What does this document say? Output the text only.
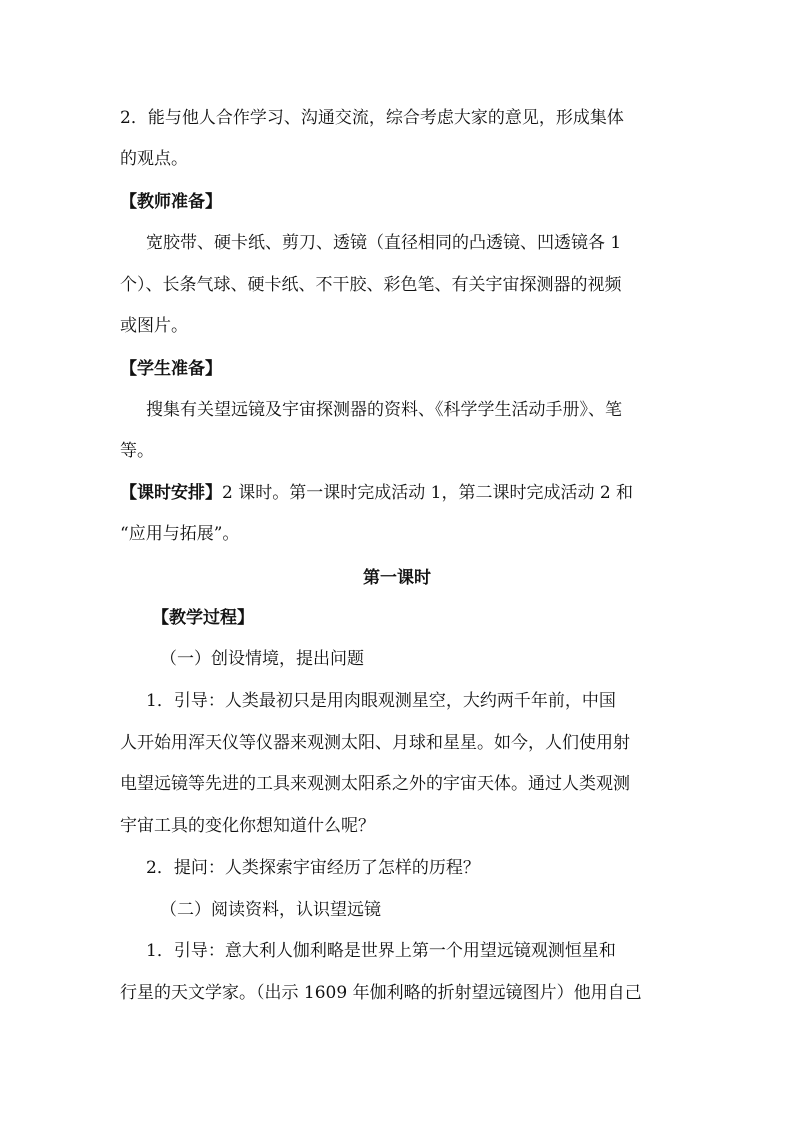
2．能与他人合作学习、沟通交流，综合考虑大家的意见，形成集体
的观点。
【教师准备】
宽胶带、硬卡纸、剪刀、透镜（直径相同的凸透镜、凹透镜各 1
个）、长条气球、硬卡纸、不干胶、彩色笔、有关宇宙探测器的视频
或图片。
【学生准备】
搜集有关望远镜及宇宙探测器的资料、《科学学生活动手册》、笔
等。
【课时安排】2 课时。第一课时完成活动 1，第二课时完成活动 2 和
“应用与拓展”。
第一课时
【教学过程】
（一）创设情境，提出问题
1．引导：人类最初只是用肉眼观测星空，大约两千年前，中国
人开始用浑天仪等仪器来观测太阳、月球和星星。如今，人们使用射
电望远镜等先进的工具来观测太阳系之外的宇宙天体。通过人类观测
宇宙工具的变化你想知道什么呢？
2．提问：人类探索宇宙经历了怎样的历程？
（二）阅读资料，认识望远镜
1．引导：意大利人伽利略是世界上第一个用望远镜观测恒星和
行星的天文学家。（出示 1609 年伽利略的折射望远镜图片）他用自己
